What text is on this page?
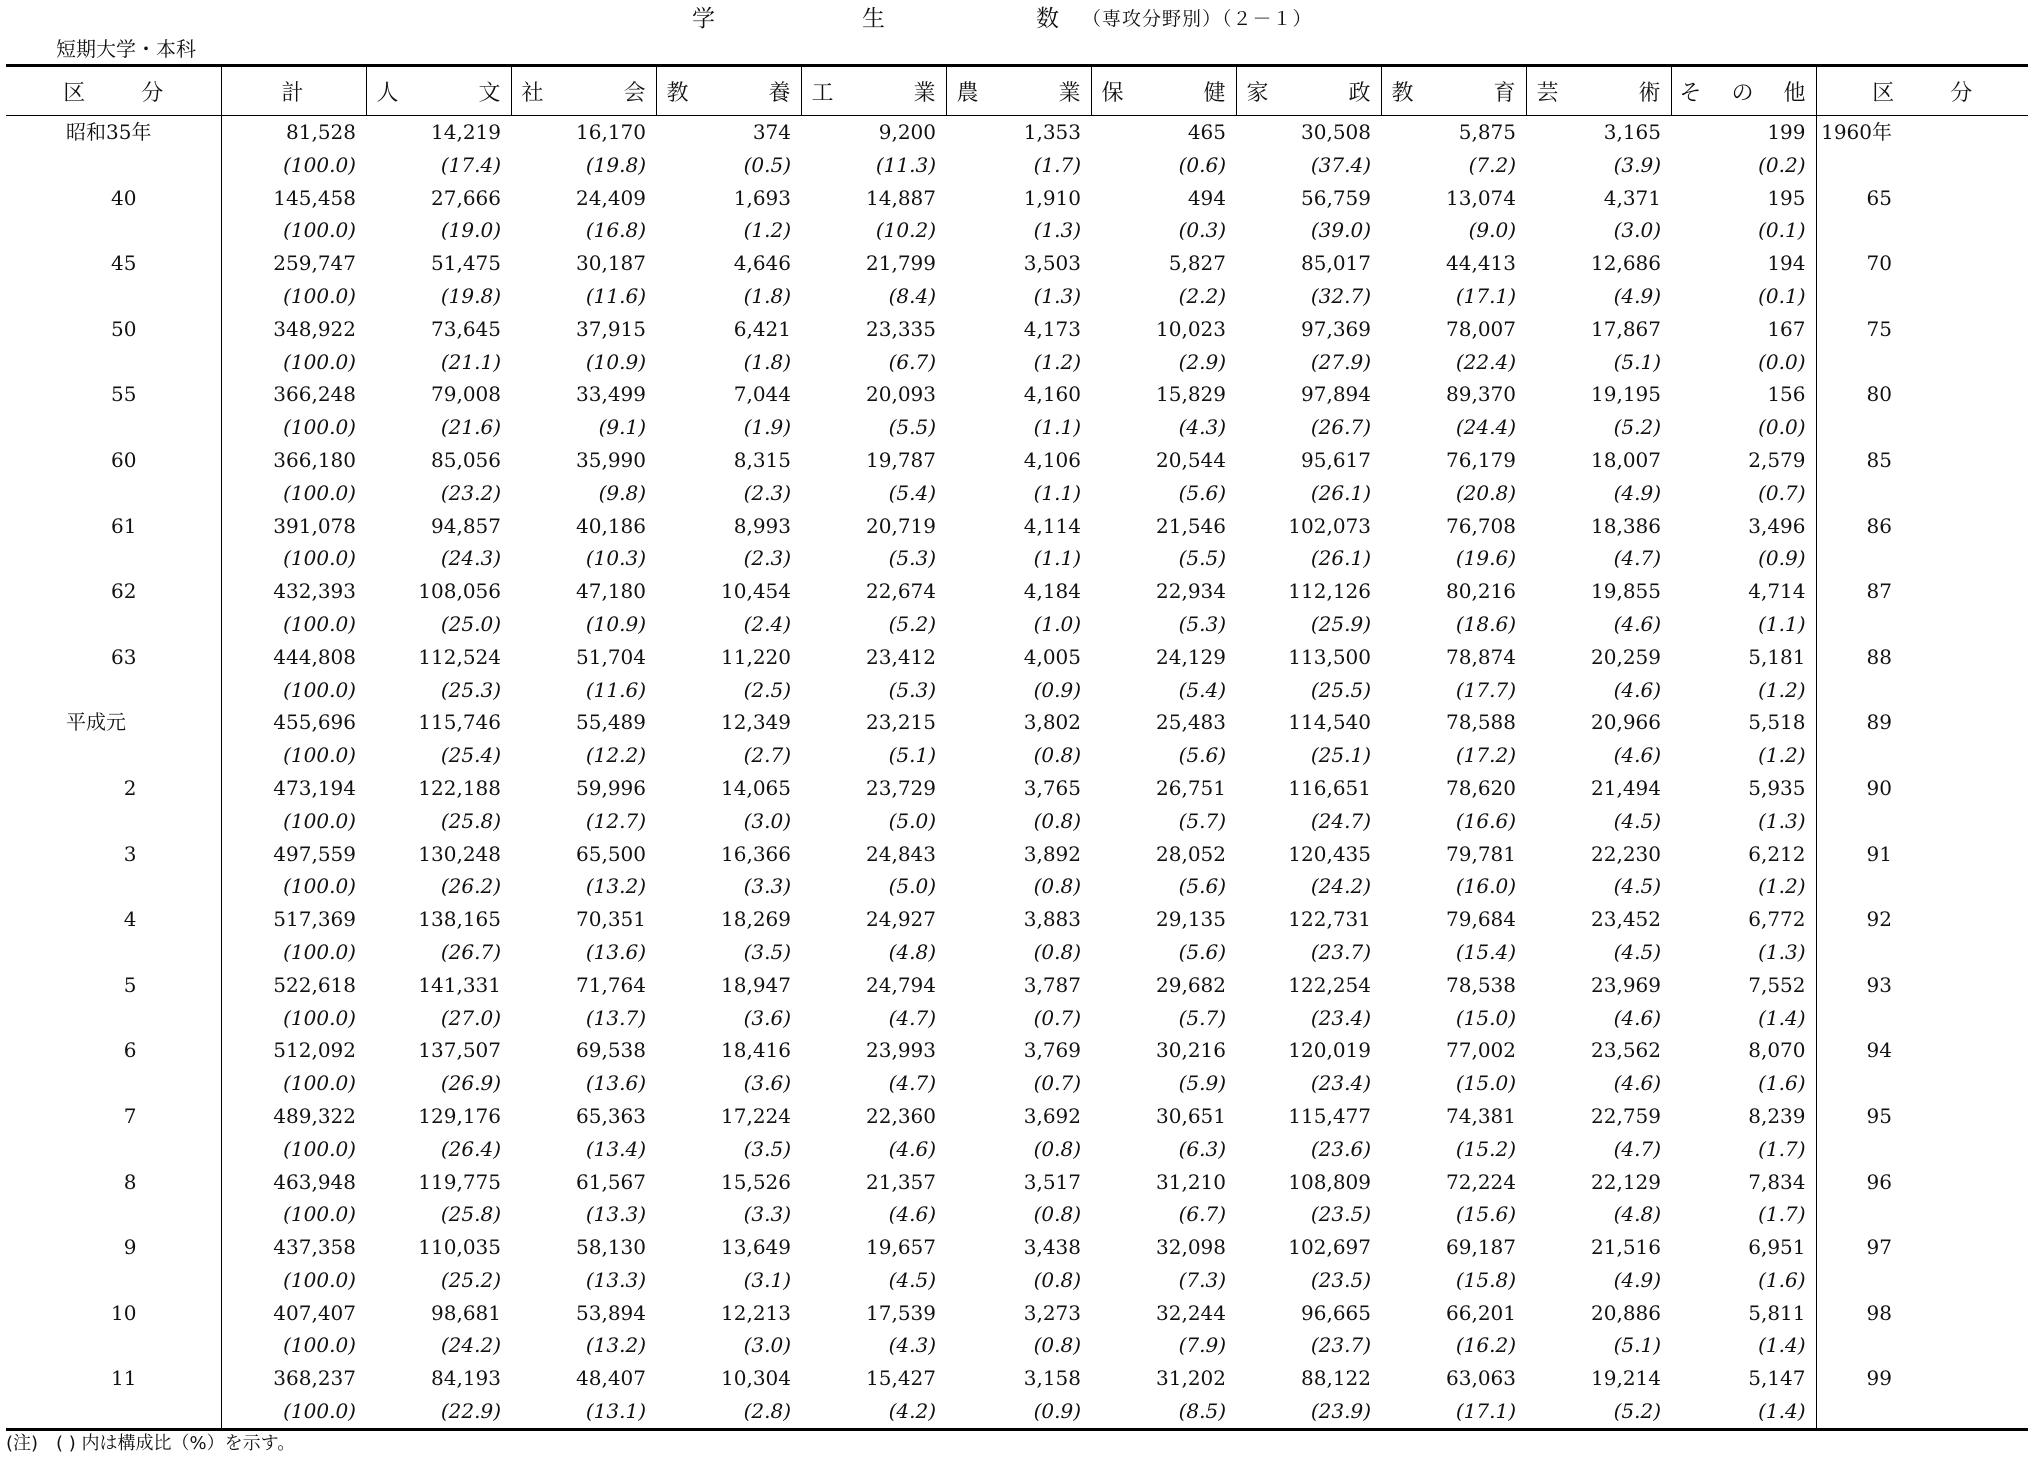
学	生	数 （専攻分野別）（２－１）
短期大学・本科
区 分	計	人 文	社 会	教 養	工 業	農 業	保 健	家 政	教 育	芸 術	そ の 他	区 分

昭和35年	81,528	14,219	16,170	374	9,200	1,353	465	30,508	5,875	3,165	199	1960年
	(100.0)	(17.4)	(19.8)	(0.5)	(11.3)	(1.7)	(0.6)	(37.4)	(7.2)	(3.9)	(0.2)	
40	145,458	27,666	24,409	1,693	14,887	1,910	494	56,759	13,074	4,371	195	65
	(100.0)	(19.0)	(16.8)	(1.2)	(10.2)	(1.3)	(0.3)	(39.0)	(9.0)	(3.0)	(0.1)	
45	259,747	51,475	30,187	4,646	21,799	3,503	5,827	85,017	44,413	12,686	194	70
	(100.0)	(19.8)	(11.6)	(1.8)	(8.4)	(1.3)	(2.2)	(32.7)	(17.1)	(4.9)	(0.1)	
50	348,922	73,645	37,915	6,421	23,335	4,173	10,023	97,369	78,007	17,867	167	75
	(100.0)	(21.1)	(10.9)	(1.8)	(6.7)	(1.2)	(2.9)	(27.9)	(22.4)	(5.1)	(0.0)	
55	366,248	79,008	33,499	7,044	20,093	4,160	15,829	97,894	89,370	19,195	156	80
	(100.0)	(21.6)	(9.1)	(1.9)	(5.5)	(1.1)	(4.3)	(26.7)	(24.4)	(5.2)	(0.0)	
60	366,180	85,056	35,990	8,315	19,787	4,106	20,544	95,617	76,179	18,007	2,579	85
	(100.0)	(23.2)	(9.8)	(2.3)	(5.4)	(1.1)	(5.6)	(26.1)	(20.8)	(4.9)	(0.7)	
61	391,078	94,857	40,186	8,993	20,719	4,114	21,546	102,073	76,708	18,386	3,496	86
	(100.0)	(24.3)	(10.3)	(2.3)	(5.3)	(1.1)	(5.5)	(26.1)	(19.6)	(4.7)	(0.9)	
62	432,393	108,056	47,180	10,454	22,674	4,184	22,934	112,126	80,216	19,855	4,714	87
	(100.0)	(25.0)	(10.9)	(2.4)	(5.2)	(1.0)	(5.3)	(25.9)	(18.6)	(4.6)	(1.1)	
63	444,808	112,524	51,704	11,220	23,412	4,005	24,129	113,500	78,874	20,259	5,181	88
	(100.0)	(25.3)	(11.6)	(2.5)	(5.3)	(0.9)	(5.4)	(25.5)	(17.7)	(4.6)	(1.2)	
平成元	455,696	115,746	55,489	12,349	23,215	3,802	25,483	114,540	78,588	20,966	5,518	89
	(100.0)	(25.4)	(12.2)	(2.7)	(5.1)	(0.8)	(5.6)	(25.1)	(17.2)	(4.6)	(1.2)	
2	473,194	122,188	59,996	14,065	23,729	3,765	26,751	116,651	78,620	21,494	5,935	90
	(100.0)	(25.8)	(12.7)	(3.0)	(5.0)	(0.8)	(5.7)	(24.7)	(16.6)	(4.5)	(1.3)	
3	497,559	130,248	65,500	16,366	24,843	3,892	28,052	120,435	79,781	22,230	6,212	91
	(100.0)	(26.2)	(13.2)	(3.3)	(5.0)	(0.8)	(5.6)	(24.2)	(16.0)	(4.5)	(1.2)	
4	517,369	138,165	70,351	18,269	24,927	3,883	29,135	122,731	79,684	23,452	6,772	92
	(100.0)	(26.7)	(13.6)	(3.5)	(4.8)	(0.8)	(5.6)	(23.7)	(15.4)	(4.5)	(1.3)	
5	522,618	141,331	71,764	18,947	24,794	3,787	29,682	122,254	78,538	23,969	7,552	93
	(100.0)	(27.0)	(13.7)	(3.6)	(4.7)	(0.7)	(5.7)	(23.4)	(15.0)	(4.6)	(1.4)	
6	512,092	137,507	69,538	18,416	23,993	3,769	30,216	120,019	77,002	23,562	8,070	94
	(100.0)	(26.9)	(13.6)	(3.6)	(4.7)	(0.7)	(5.9)	(23.4)	(15.0)	(4.6)	(1.6)	
7	489,322	129,176	65,363	17,224	22,360	3,692	30,651	115,477	74,381	22,759	8,239	95
	(100.0)	(26.4)	(13.4)	(3.5)	(4.6)	(0.8)	(6.3)	(23.6)	(15.2)	(4.7)	(1.7)	
8	463,948	119,775	61,567	15,526	21,357	3,517	31,210	108,809	72,224	22,129	7,834	96
	(100.0)	(25.8)	(13.3)	(3.3)	(4.6)	(0.8)	(6.7)	(23.5)	(15.6)	(4.8)	(1.7)	
9	437,358	110,035	58,130	13,649	19,657	3,438	32,098	102,697	69,187	21,516	6,951	97
	(100.0)	(25.2)	(13.3)	(3.1)	(4.5)	(0.8)	(7.3)	(23.5)	(15.8)	(4.9)	(1.6)	
10	407,407	98,681	53,894	12,213	17,539	3,273	32,244	96,665	66,201	20,886	5,811	98
	(100.0)	(24.2)	(13.2)	(3.0)	(4.3)	(0.8)	(7.9)	(23.7)	(16.2)	(5.1)	(1.4)	
11	368,237	84,193	48,407	10,304	15,427	3,158	31,202	88,122	63,063	19,214	5,147	99
	(100.0)	(22.9)	(13.1)	(2.8)	(4.2)	(0.9)	(8.5)	(23.9)	(17.1)	(5.2)	(1.4)	
(注)　( ) 内は構成比（%）を示す。
